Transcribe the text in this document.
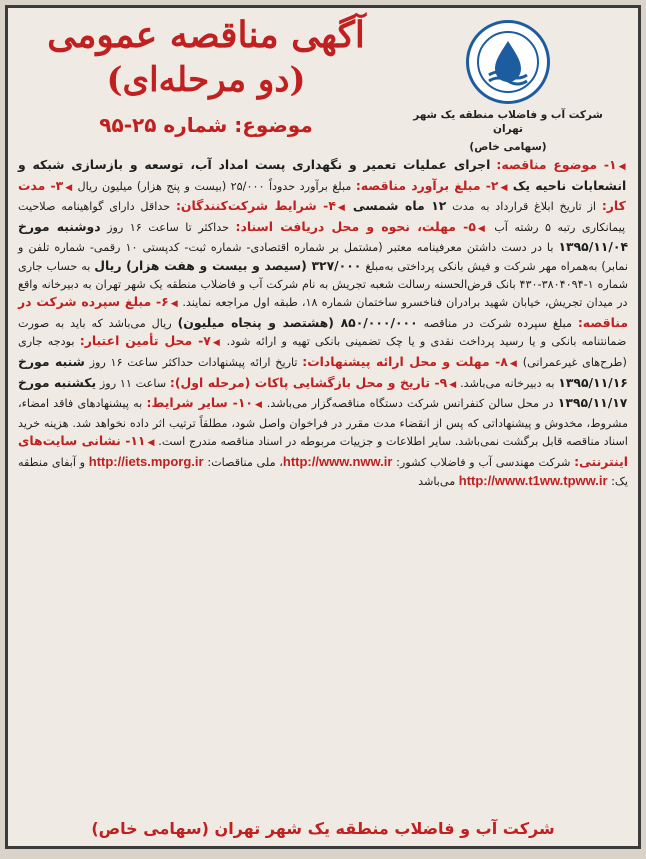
شرکت آب و فاضلاب منطقه یک شهر تهران
(سهامی خاص)
آگهی مناقصه عمومی
(دو مرحله‌ای)
موضوع: شماره ۲۵-۹۵

◀۱- موضوع مناقصه: اجرای عملیات تعمیر و نگهداری پست امداد آب، توسعه و بازسازی شبکه و انشعابات ناحیه یک ◀۲- مبلغ برآورد مناقصه: مبلغ برآورد حدوداً ۲۵/۰۰۰ (بیست و پنج هزار) میلیون ریال ◀۳- مدت کار: از تاریخ ابلاغ قرارداد به مدت ۱۲ ماه شمسی ◀۴- شرایط شرکت‌کنندگان: حداقل دارای گواهینامه صلاحیت پیمانکاری رتبه ۵ رشته آب ◀۵- مهلت، نحوه و محل دریافت اسناد: حداکثر تا ساعت ۱۶ روز دوشنبه مورخ ۱۳۹۵/۱۱/۰۴ با در دست داشتن معرفینامه معتبر (مشتمل بر شماره اقتصادی- شماره ثبت- کدپستی ۱۰ رقمی- شماره تلفن و نمابر) به‌همراه مهر شرکت و فیش بانکی پرداختی به‌مبلغ ۳۲۷/۰۰۰ (سیصد و بیست و هفت هزار) ریال به حساب جاری شماره ۱-۳۸۰۴۰۹۴-۴۳۰ بانک قرض‌الحسنه رسالت شعبه تجریش به نام شرکت آب و فاضلاب منطقه یک شهر تهران به دبیرخانه واقع در میدان تجریش، خیابان شهید برادران فناخسرو ساختمان شماره ۱۸، طبقه اول مراجعه نمایند. ◀۶- مبلغ سپرده شرکت در مناقصه: مبلغ سپرده شرکت در مناقصه ۸۵۰/۰۰۰/۰۰۰ (هشتصد و پنجاه میلیون) ریال می‌باشد که باید به صورت ضمانتنامه بانکی و یا رسید پرداخت نقدی و یا چک تضمینی بانکی تهیه و ارائه شود. ◀۷- محل تأمین اعتبار: بودجه جاری (طرح‌های غیرعمرانی) ◀۸- مهلت و محل ارائه پیشنهادات: تاریخ ارائه پیشنهادات حداکثر ساعت ۱۶ روز شنبه مورخ ۱۳۹۵/۱۱/۱۶ به دبیرخانه می‌باشد. ◀۹- تاریخ و محل بازگشایی پاکات (مرحله اول): ساعت ۱۱ روز یکشنبه مورخ ۱۳۹۵/۱۱/۱۷ در محل سالن کنفرانس شرکت دستگاه مناقصه‌گزار می‌باشد. ◀۱۰- سایر شرایط: به پیشنهادهای فاقد امضاء، مشروط، مخدوش و پیشنهاداتی که پس از انقضاء مدت مقرر در فراخوان واصل شود، مطلقاً ترتیب اثر داده نخواهد شد. هزینه خرید اسناد مناقصه قابل برگشت نمی‌باشد. سایر اطلاعات و جزییات مربوطه در اسناد مناقصه مندرج است. ◀۱۱- نشانی سایت‌های اینترنتی: شرکت مهندسی آب و فاضلاب کشور: http://www.nww.ir، ملی مناقصات: http://iets.mporg.ir و آبفای منطقه یک: http://www.t1ww.tpww.ir می‌باشد

شرکت آب و فاضلاب منطقه یک شهر تهران (سهامی خاص)
